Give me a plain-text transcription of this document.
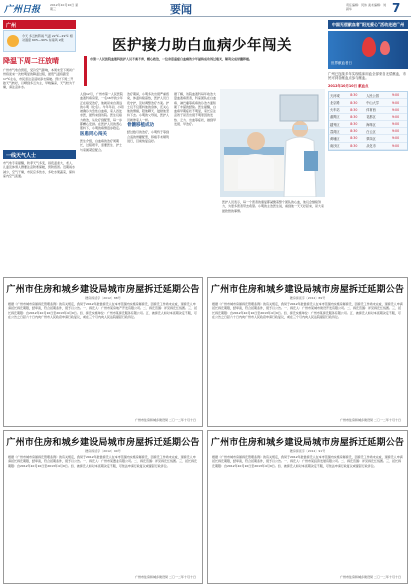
广州日报	2012年10月10日 星期三	要闻	责任编辑：闵伟 美术编辑：刘颖华	7
广州
今天 多云转阵雨 气温 22℃~29℃ 相对湿度 60%~90% 东南风 2级
降温下周二汪放晴
广州市气象台预报，受冷空气影响，本周末至下周初广州将迎来一次较明显的降温过程，最低气温将跌至17℃左右，市民需注意适时添衣保暖。预计下周二开始天气转好，以晴到多云为主，早晚偏凉，天气较为干燥，请注意补水。
一线天气人士
市气象专家提醒，秋季天气多变，昼夜温差大，老人、儿童及体弱人群要注意防寒保暖，预防感冒。近期雨水减少，空气干燥，市民应多饮水，多吃水果蔬菜，保持室内空气流通。
医护接力助白血病少年闯关
市第一人民医院血液科医护人员不离不弃，精心救治，一位身患重症白血病的少年最终成功闯过难关，顺利完成骨髓移植。
人到12月，广州市第一人民医院血液科病房里，一名16岁的少年正在接受治疗，他就是来自清远的小明（化名）。今年年初，小明被确诊为急性白血病，家人四处求医，最终来到该院。医生们接力救治，从化疗到配型，每一步都精心安排。在医护人员的悉心照料下，小明的病情逐步稳定。
医患同心闯关
医生介绍，白血病的治疗周期长，过程艰辛，需要医生、护士与家属紧密配合。
治疗期间，小明多次出现严重感染，体温持续高热，医护人员日夜守护，及时调整治疗方案。护士们不仅照料他的身体，还关心他的情绪，陪他聊天、鼓励他坚持下去。小明的父母说，医护人员就像家人一样。
骨髓移植成功
经过数月的治疗，小明终于等到合适的骨髓配型，移植手术顺利进行，目前恢复良好。
据了解，该院血液科每年收治大量血液病患者，科室团队在白血病、淋巴瘤等疾病的诊治方面积累了丰富的经验。医生提醒，白血病早期症状不明显，家长应注意孩子是否出现不明原因的发热、乏力、出血等症状，做到早发现、早治疗。
医护人员表示，每一个患者的康复都凝聚着整个团队的心血，他们会继续努力，为更多患者带去希望。小明的主治医生说，看到他一天天好起来，是大家最欣慰的事情。
中国无偿献血者"阳光爱心"活动走进广州
世界献血者日
广州已连续多年实现临床用血全部来自无偿献血，市民可到各献血点参与献血。
2012年10月10日 献血点
天河城	8:30	人民公园	9:00
北京路	8:30	中山大学	9:00
火车站	8:30	体育西	9:00
番禺区	8:30	花都区	9:00
越秀区	8:30	海珠区	9:00
荔湾区	8:30	白云区	9:00
黄埔区	8:30	萝岗区	9:00
南沙区	8:30	从化市	9:00
广州市住房和城乡建设局城市房屋拆迁延期公告
穗房拆延字〔2012〕88号
根据《广州市城市房屋拆迁管理条例》的有关规定，我局于2012年批准拆迁人在本市范围内实施房屋拆迁，因拆迁工作尚未完成，现拆迁人申请延长拆迁期限，经审查，符合延期条件，现予以公告。一、拆迁人：广州市某房地产开发有限公司。二、拆迁范围：详见拆迁红线图。三、延长拆迁期限：自2012年10月10日至2013年4月9日。四、拆迁实施单位：广州市某拆迁服务有限公司。五、被拆迁人如对本延期决定不服，可在公告之日起六十日内向广州市人民政府申请行政复议，或在三个月内向人民法院提起行政诉讼。
广州市住房和城乡建设局 二〇一二年十月十日
广州市住房和城乡建设局城市房屋拆迁延期公告
穗房拆延字〔2012〕89号
根据《广州市城市房屋拆迁管理条例》的有关规定，我局于2012年批准拆迁人在本市范围内实施房屋拆迁，因拆迁工作尚未完成，现拆迁人申请延长拆迁期限，经审查，符合延期条件，现予以公告。一、拆迁人：广州市某城市建设开发有限公司。二、拆迁范围：详见拆迁红线图。三、延长拆迁期限：自2012年10月10日至2013年4月9日。四、拆迁实施单位：广州市某拆迁服务有限公司。五、被拆迁人如对本延期决定不服，可在公告之日起六十日内向广州市人民政府申请行政复议，或在三个月内向人民法院提起行政诉讼。
广州市住房和城乡建设局 二〇一二年十月十日
广州市住房和城乡建设局城市房屋拆迁延期公告
穗房拆延字〔2012〕90号
根据《广州市城市房屋拆迁管理条例》的有关规定，我局于2012年批准拆迁人在本市范围内实施房屋拆迁，因拆迁工作尚未完成，现拆迁人申请延长拆迁期限，经审查，符合延期条件，现予以公告。一、拆迁人：广州市某置业有限公司。二、拆迁范围：详见拆迁红线图。三、延长拆迁期限：自2012年10月10日至2013年4月9日。四、被拆迁人如对本延期决定不服，可依法申请行政复议或提起行政诉讼。
广州市住房和城乡建设局 二〇一二年十月十日
广州市住房和城乡建设局城市房屋拆迁延期公告
穗房拆延字〔2012〕91号
根据《广州市城市房屋拆迁管理条例》的有关规定，我局于2012年批准拆迁人在本市范围内实施房屋拆迁，因拆迁工作尚未完成，现拆迁人申请延长拆迁期限，经审查，符合延期条件，现予以公告。一、拆迁人：广州市某投资发展有限公司。二、拆迁范围：详见拆迁红线图。三、延长拆迁期限：自2012年10月10日至2013年4月9日。四、被拆迁人如对本延期决定不服，可依法申请行政复议或提起行政诉讼。
广州市住房和城乡建设局 二〇一二年十月十日
